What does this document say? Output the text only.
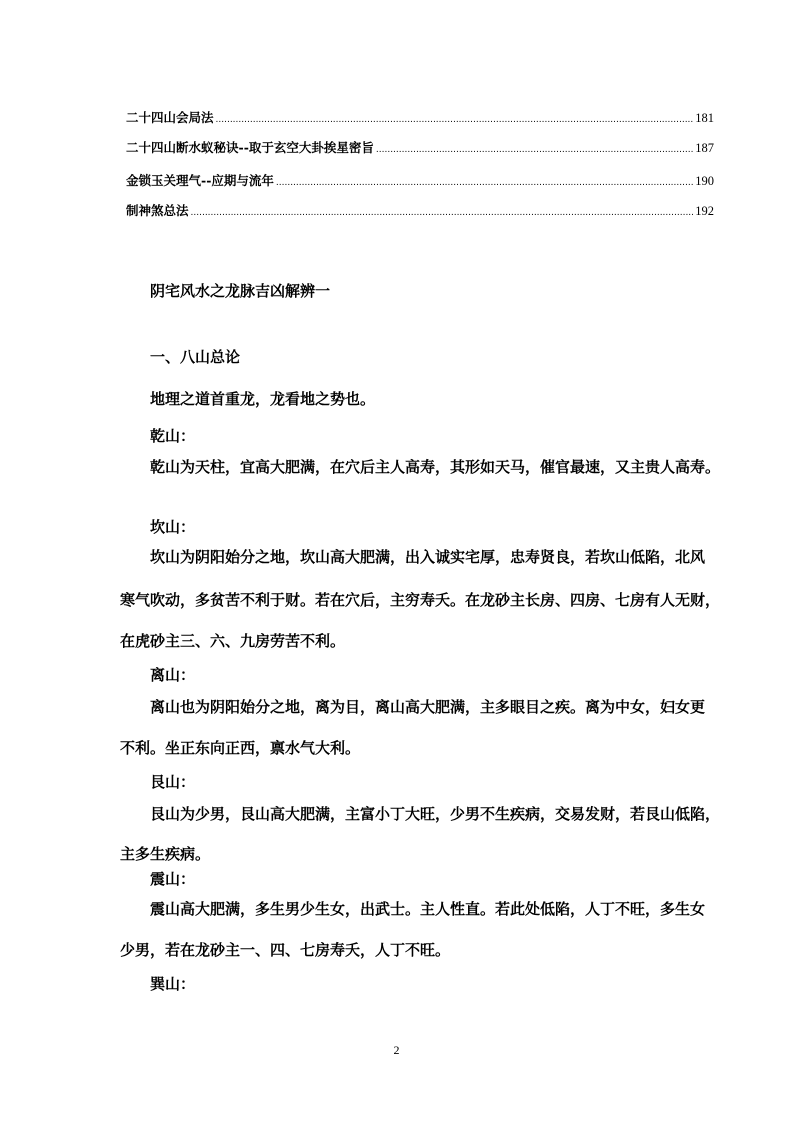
二十四山会局法 .....	181
二十四山断水蚁秘诀--取于玄空大卦挨星密旨 .....	187
金锁玉关理气--应期与流年 .....	190
制神煞总法 .....	192
阴宅风水之龙脉吉凶解辨一
一、八山总论
地理之道首重龙，龙看地之势也。
乾山：
乾山为天柱，宜高大肥满，在穴后主人高寿，其形如天马，催官最速，又主贵人高寿。
坎山：
坎山为阴阳始分之地，坎山高大肥满，出入诚实宅厚，忠寿贤良，若坎山低陷，北风
寒气吹动，多贫苦不利于财。若在穴后，主穷寿夭。在龙砂主长房、四房、七房有人无财，
在虎砂主三、六、九房劳苦不利。
离山：
离山也为阴阳始分之地，离为目，离山高大肥满，主多眼目之疾。离为中女，妇女更
不利。坐正东向正西，禀水气大利。
艮山：
艮山为少男，艮山高大肥满，主富小丁大旺，少男不生疾病，交易发财，若艮山低陷，
主多生疾病。
震山：
震山高大肥满，多生男少生女，出武士。主人性直。若此处低陷，人丁不旺，多生女
少男，若在龙砂主一、四、七房寿夭，人丁不旺。
巽山：
2
